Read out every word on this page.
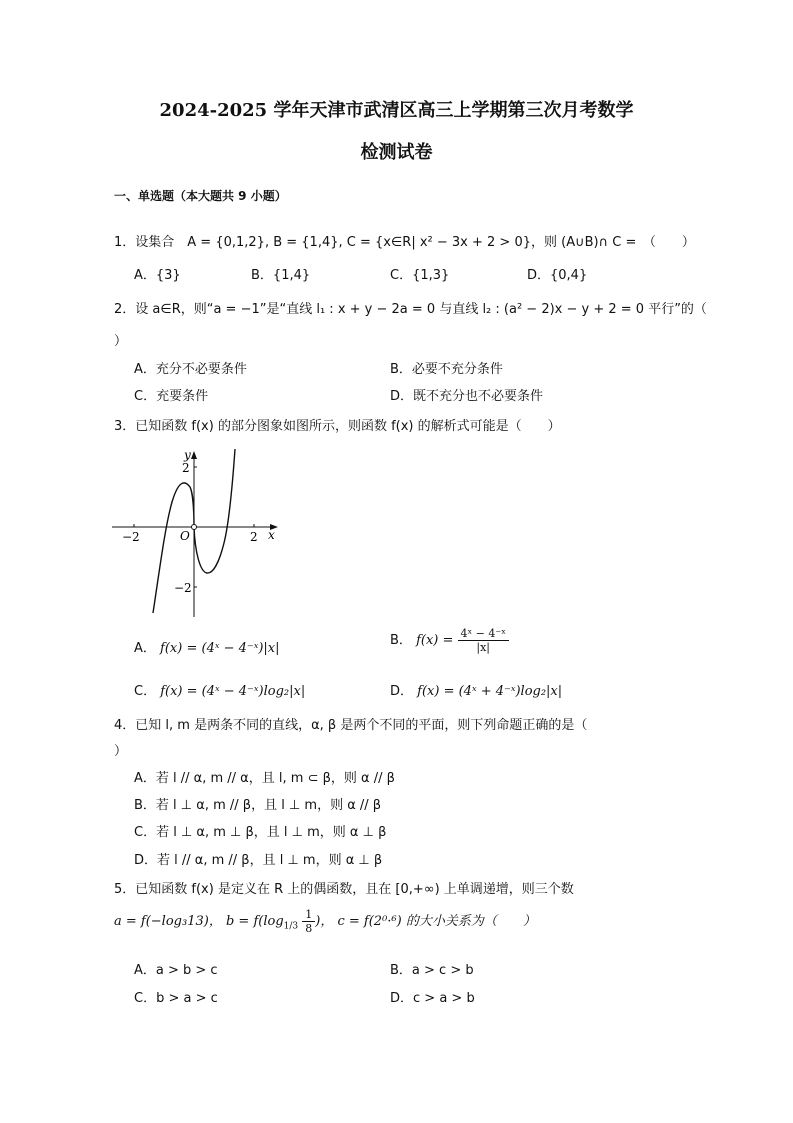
2024-2025 学年天津市武清区高三上学期第三次月考数学
检测试卷
一、单选题（本大题共 9 小题）
1．设集合　A = {0,1,2}, B = {1,4}, C = {x∈R| x² − 3x + 2 > 0}，则 (A∪B)∩ C =　（　　）
A．{3}	B．{1,4}	C．{1,3}	D．{0,4}
2．设 a∈R，则“a = −1”是“直线 l₁ : x + y − 2a = 0 与直线 l₂ : (a² − 2)x − y + 2 = 0 平行”的（
）
A．充分不必要条件	B．必要不充分条件
C．充要条件	D．既不充分也不必要条件
3．已知函数 f(x) 的部分图象如图所示，则函数 f(x) 的解析式可能是（　　）
−2	2
2
−2
O	x
y
A． f(x) = (4ˣ − 4⁻ˣ)|x|
B． $f(x) = \frac{\text{4ˣ − 4⁻ˣ}}{|x|}$
C． f(x) = (4ˣ − 4⁻ˣ)log₂|x|	D． f(x) = (4ˣ + 4⁻ˣ)log₂|x|
4．已知 l, m 是两条不同的直线，α, β 是两个不同的平面，则下列命题正确的是（
）
A．若 l // α, m // α，且 l, m ⊂ β，则 α // β
B．若 l ⊥ α, m // β，且 l ⊥ m，则 α // β
C．若 l ⊥ α, m ⊥ β，且 l ⊥ m，则 α ⊥ β
D．若 l // α, m // β，且 l ⊥ m，则 α ⊥ β
5．已知函数 f(x) 是定义在 R 上的偶函数，且在 [0,+∞) 上单调递增，则三个数
a = f(−log₃13)， $b = f(\log_{1/3} \frac{1}{8}$ )， c = f(2⁰·⁶) 的大小关系为（　　）
A．a > b > c	B．a > c > b
C．b > a > c	D．c > a > b
